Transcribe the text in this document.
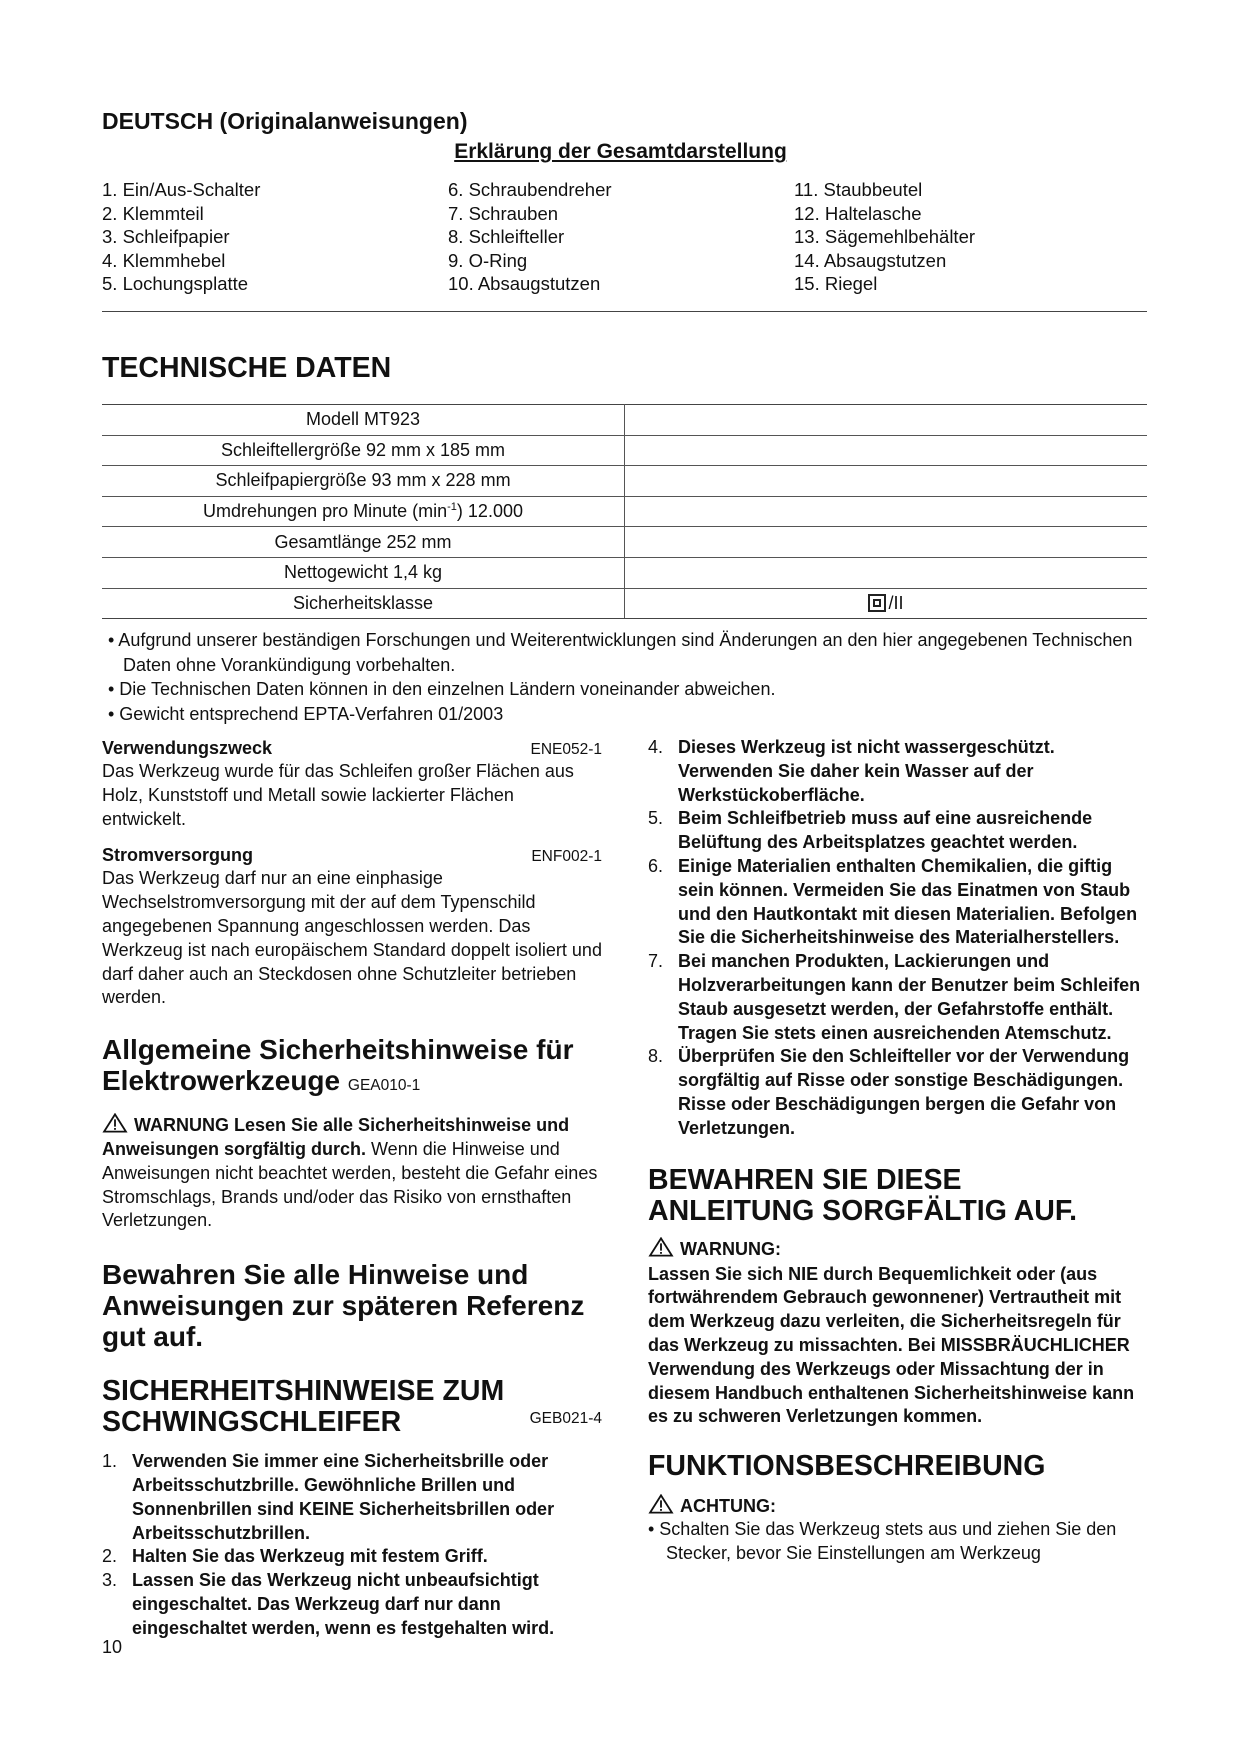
DEUTSCH (Originalanweisungen)
Erklärung der Gesamtdarstellung
1. Ein/Aus-Schalter
2. Klemmteil
3. Schleifpapier
4. Klemmhebel
5. Lochungsplatte
6. Schraubendreher
7. Schrauben
8. Schleifteller
9. O-Ring
10. Absaugstutzen
11. Staubbeutel
12. Haltelasche
13. Sägemehlbehälter
14. Absaugstutzen
15. Riegel
TECHNISCHE DATEN
Modell MT923	
Schleiftellergröße 92 mm x 185 mm	
Schleifpapiergröße 93 mm x 228 mm	
Umdrehungen pro Minute $(\min^{-1})$ 12.000	
Gesamtlänge 252 mm	
Nettogewicht 1,4 kg	
Sicherheitsklasse	/II
• Aufgrund unserer beständigen Forschungen und Weiterentwicklungen sind Änderungen an den hier angegebenen Technischen Daten ohne Vorankündigung vorbehalten.
• Die Technischen Daten können in den einzelnen Ländern voneinander abweichen.
• Gewicht entsprechend EPTA-Verfahren 01/2003
Verwendungszweck	ENE052-1

Das Werkzeug wurde für das Schleifen großer Flächen aus Holz, Kunststoff und Metall sowie lackierter Flächen entwickelt.

Stromversorgung	ENF002-1

Das Werkzeug darf nur an eine einphasige Wechselstromversorgung mit der auf dem Typenschild angegebenen Spannung angeschlossen werden. Das Werkzeug ist nach europäischem Standard doppelt isoliert und darf daher auch an Steckdosen ohne Schutzleiter betrieben werden.

Allgemeine Sicherheitshinweise für Elektrowerkzeuge GEA010-1

WARNUNG Lesen Sie alle Sicherheitshinweise und Anweisungen sorgfältig durch. Wenn die Hinweise und Anweisungen nicht beachtet werden, besteht die Gefahr eines Stromschlags, Brands und/oder das Risiko von ernsthaften Verletzungen.

Bewahren Sie alle Hinweise und Anweisungen zur späteren Referenz gut auf.
SICHERHEITSHINWEISE ZUM
SCHWINGSCHLEIFER	GEB021-4
1. Verwenden Sie immer eine Sicherheitsbrille oder Arbeitsschutzbrille. Gewöhnliche Brillen und Sonnenbrillen sind KEINE Sicherheitsbrillen oder Arbeitsschutzbrillen.
2. Halten Sie das Werkzeug mit festem Griff.
3. Lassen Sie das Werkzeug nicht unbeaufsichtigt eingeschaltet. Das Werkzeug darf nur dann eingeschaltet werden, wenn es festgehalten wird.
4. Dieses Werkzeug ist nicht wassergeschützt. Verwenden Sie daher kein Wasser auf der Werkstückoberfläche.
5. Beim Schleifbetrieb muss auf eine ausreichende Belüftung des Arbeitsplatzes geachtet werden.
6. Einige Materialien enthalten Chemikalien, die giftig sein können. Vermeiden Sie das Einatmen von Staub und den Hautkontakt mit diesen Materialien. Befolgen Sie die Sicherheitshinweise des Materialherstellers.
7. Bei manchen Produkten, Lackierungen und Holzverarbeitungen kann der Benutzer beim Schleifen Staub ausgesetzt werden, der Gefahrstoffe enthält. Tragen Sie stets einen ausreichenden Atemschutz.
8. Überprüfen Sie den Schleifteller vor der Verwendung sorgfältig auf Risse oder sonstige Beschädigungen. Risse oder Beschädigungen bergen die Gefahr von Verletzungen.
BEWAHREN SIE DIESE
ANLEITUNG SORGFÄLTIG AUF.
WARNUNG:

Lassen Sie sich NIE durch Bequemlichkeit oder (aus fortwährendem Gebrauch gewonnener) Vertrautheit mit dem Werkzeug dazu verleiten, die Sicherheitsregeln für das Werkzeug zu missachten. Bei MISSBRÄUCHLICHER Verwendung des Werkzeugs oder Missachtung der in diesem Handbuch enthaltenen Sicherheitshinweise kann es zu schweren Verletzungen kommen.

FUNKTIONSBESCHREIBUNG
ACHTUNG:
• Schalten Sie das Werkzeug stets aus und ziehen Sie den Stecker, bevor Sie Einstellungen am Werkzeug
10
